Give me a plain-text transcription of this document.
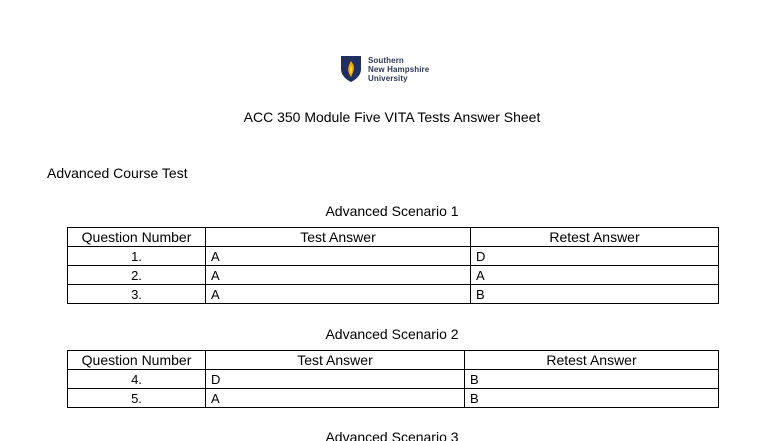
Southern
New Hampshire
University
ACC 350 Module Five VITA Tests Answer Sheet
Advanced Course Test
Advanced Scenario 1
Question Number	Test Answer	Retest Answer
1.	A	D
2.	A	A
3.	A	B
Advanced Scenario 2
Question Number	Test Answer	Retest Answer
4.	D	B
5.	A	B
Advanced Scenario 3
